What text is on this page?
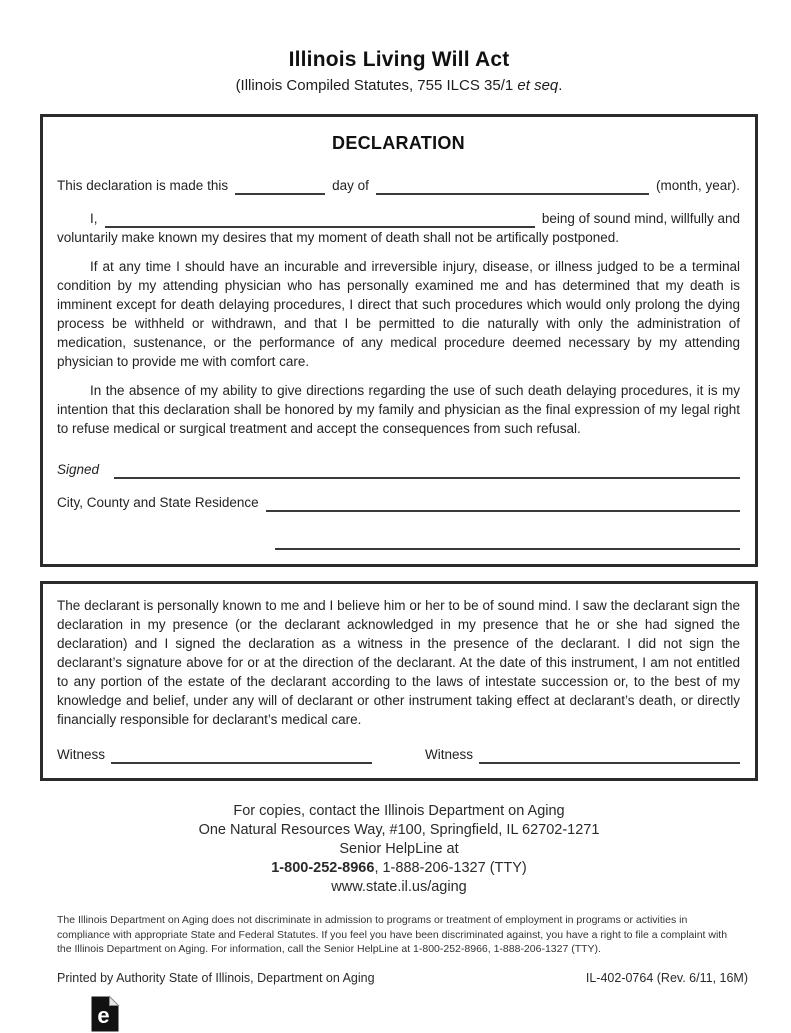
Illinois Living Will Act
(Illinois Compiled Statutes, 755 ILCS 35/1 et seq.
DECLARATION
This declaration is made this	day of	(month, year).
I,	being of sound mind, willfully and

voluntarily make known my desires that my moment of death shall not be artifically postponed.

If at any time I should have an incurable and irreversible injury, disease, or illness judged to be a terminal condition by my attending physician who has personally examined me and has determined that my death is imminent except for death delaying procedures, I direct that such procedures which would only prolong the dying process be withheld or withdrawn, and that I be permitted to die naturally with only the administration of medication, sustenance, or the performance of any medical procedure deemed necessary by my attending physician to provide me with comfort care.

In the absence of my ability to give directions regarding the use of such death delaying procedures, it is my intention that this declaration shall be honored by my family and physician as the final expression of my legal right to refuse medical or surgical treatment and accept the consequences from such refusal.

Signed
City, County and State Residence

The declarant is personally known to me and I believe him or her to be of sound mind. I saw the declarant sign the declaration in my presence (or the declarant acknowledged in my presence that he or she had signed the declaration) and I signed the declaration as a witness in the presence of the declarant. I did not sign the declarant’s signature above for or at the direction of the declarant. At the date of this instrument, I am not entitled to any portion of the estate of the declarant according to the laws of intestate succession or, to the best of my knowledge and belief, under any will of declarant or other instrument taking effect at declarant’s death, or directly financially responsible for declarant’s medical care.

Witness	Witness
For copies, contact the Illinois Department on Aging
One Natural Resources Way, #100, Springfield, IL 62702-1271
Senior HelpLine at
1-800-252-8966, 1-888-206-1327 (TTY)
www.state.il.us/aging

The Illinois Department on Aging does not discriminate in admission to programs or treatment of employment in programs or activities in compliance with appropriate State and Federal Statutes. If you feel you have been discriminated against, you have a right to file a complaint with the Illinois Department on Aging. For information, call the Senior HelpLine at 1-800-252-8966, 1-888-206-1327 (TTY).

Printed by Authority State of Illinois, Department on Aging	IL-402-0764 (Rev. 6/11, 16M)
e
